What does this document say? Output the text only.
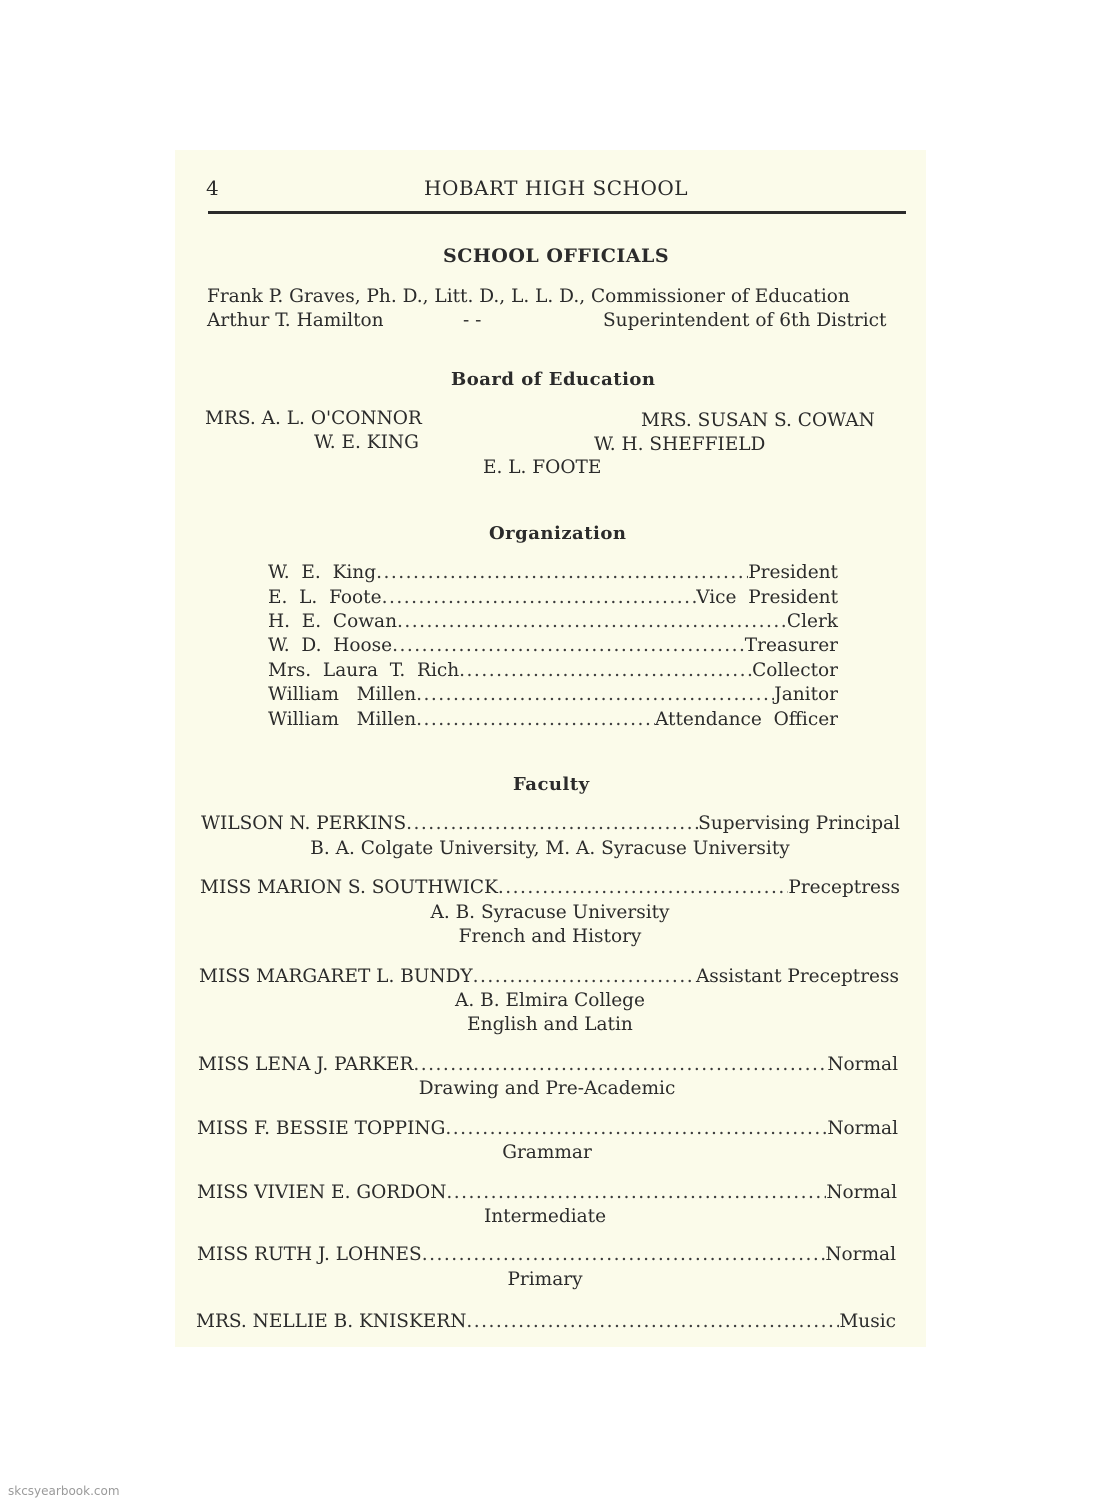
4	HOBART HIGH SCHOOL
SCHOOL OFFICIALS
Frank P. Graves, Ph. D., Litt. D., L. L. D., Commissioner of Education
Arthur T. Hamilton	- -	Superintendent of 6th District
Board of Education
MRS. A. L. O'CONNOR	MRS. SUSAN S. COWAN
W. E. KING	W. H. SHEFFIELD
E. L. FOOTE
Organization
W.  E.  King .....	President
E.  L.  Foote .....	Vice  President
H.  E.  Cowan .....	Clerk
W.  D.  Hoose .....	Treasurer
Mrs.  Laura  T.  Rich .....	Collector
William   Millen .....	Janitor
William   Millen .....	Attendance  Officer
Faculty
WILSON N. PERKINS .....	Supervising Principal
B. A. Colgate University, M. A. Syracuse University
MISS MARION S. SOUTHWICK .....	Preceptress
A. B. Syracuse University
French and History
MISS MARGARET L. BUNDY .....	Assistant Preceptress
A. B. Elmira College
English and Latin
MISS LENA J. PARKER .....	Normal
Drawing and Pre-Academic
MISS F. BESSIE TOPPING .....	Normal
Grammar
MISS VIVIEN E. GORDON .....	Normal
Intermediate
MISS RUTH J. LOHNES .....	Normal
Primary
MRS. NELLIE B. KNISKERN .....	Music
skcsyearbook.com
